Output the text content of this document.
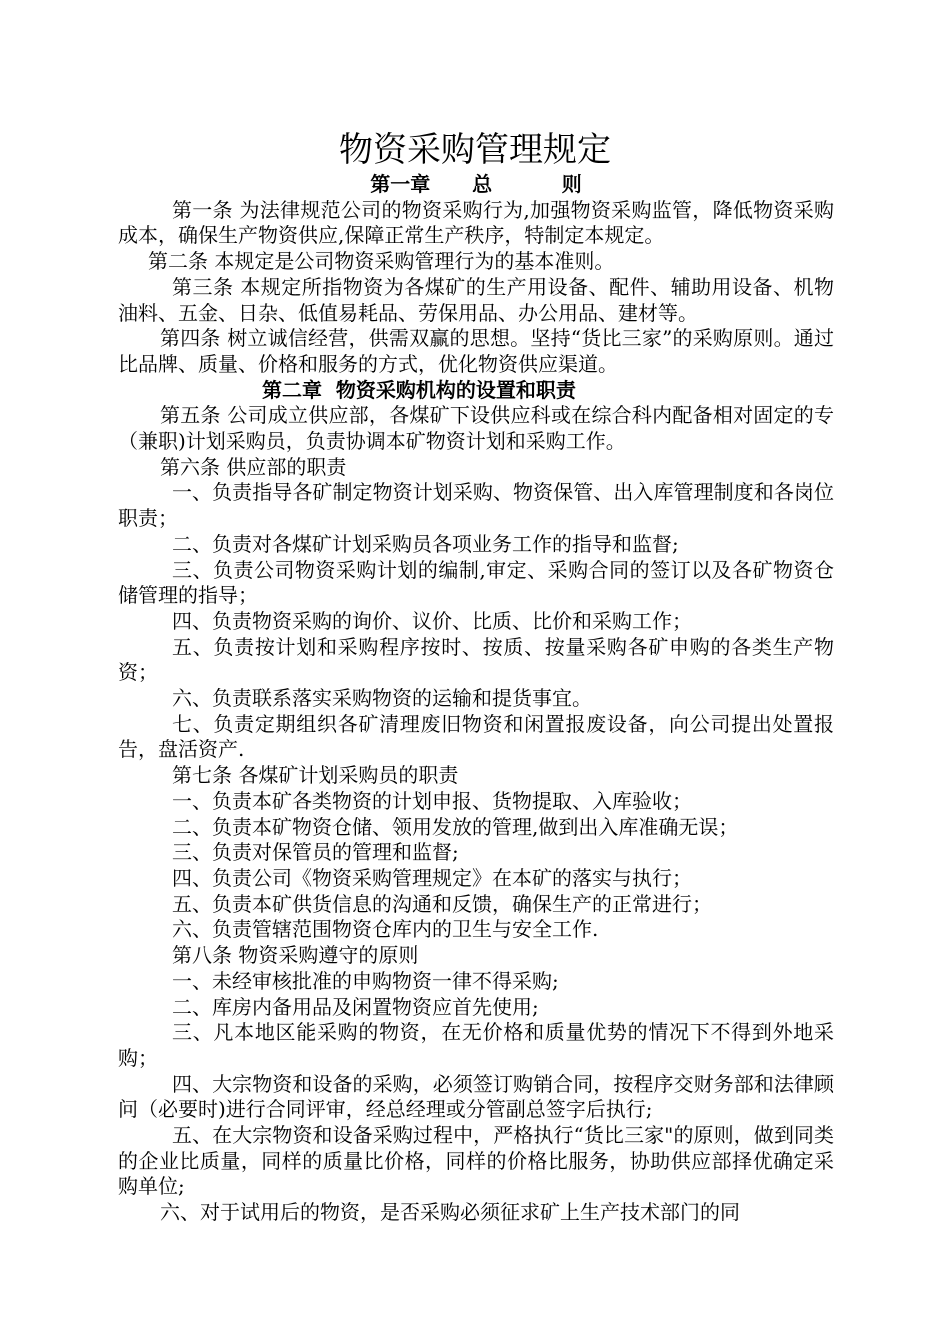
物资采购管理规定

第一章      总          则

第一条 为法律规范公司的物资采购行为,加强物资采购监管，降低物资采购成本，确保生产物资供应,保障正常生产秩序，特制定本规定。

第二条 本规定是公司物资采购管理行为的基本准则。

第三条 本规定所指物资为各煤矿的生产用设备、配件、辅助用设备、机物油料、五金、日杂、低值易耗品、劳保用品、办公用品、建材等。

第四条 树立诚信经营，供需双赢的思想。坚持“货比三家”的采购原则。通过比品牌、质量、价格和服务的方式，优化物资供应渠道。

第二章  物资采购机构的设置和职责

第五条 公司成立供应部，各煤矿下设供应科或在综合科内配备相对固定的专（兼职)计划采购员，负责协调本矿物资计划和采购工作。

第六条 供应部的职责

一、负责指导各矿制定物资计划采购、物资保管、出入库管理制度和各岗位职责；

二、负责对各煤矿计划采购员各项业务工作的指导和监督;

三、负责公司物资采购计划的编制,审定、采购合同的签订以及各矿物资仓储管理的指导；

四、负责物资采购的询价、议价、比质、比价和采购工作；

五、负责按计划和采购程序按时、按质、按量采购各矿申购的各类生产物资；

六、负责联系落实采购物资的运输和提货事宜。

七、负责定期组织各矿清理废旧物资和闲置报废设备，向公司提出处置报告，盘活资产.

第七条 各煤矿计划采购员的职责

一、负责本矿各类物资的计划申报、货物提取、入库验收；

二、负责本矿物资仓储、领用发放的管理,做到出入库准确无误；

三、负责对保管员的管理和监督;

四、负责公司《物资采购管理规定》在本矿的落实与执行；

五、负责本矿供货信息的沟通和反馈，确保生产的正常进行；

六、负责管辖范围物资仓库内的卫生与安全工作.

第八条 物资采购遵守的原则

一、未经审核批准的申购物资一律不得采购;

二、库房内备用品及闲置物资应首先使用;

三、凡本地区能采购的物资，在无价格和质量优势的情况下不得到外地采购；

四、大宗物资和设备的采购，必须签订购销合同，按程序交财务部和法律顾问（必要时)进行合同评审，经总经理或分管副总签字后执行;

五、在大宗物资和设备采购过程中，严格执行“货比三家"的原则，做到同类的企业比质量，同样的质量比价格，同样的价格比服务，协助供应部择优确定采购单位;

六、对于试用后的物资，是否采购必须征求矿上生产技术部门的同
